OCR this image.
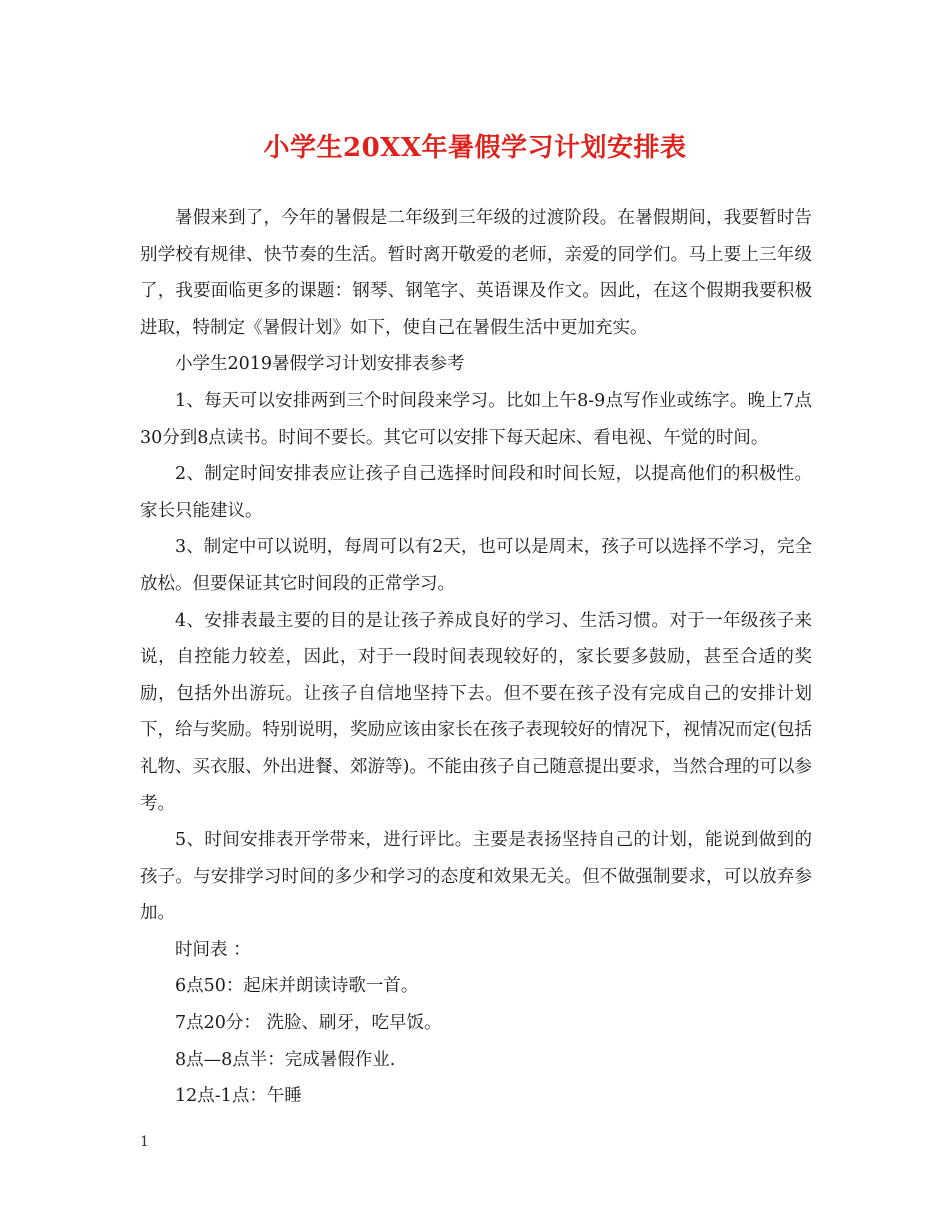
小学生20XX年暑假学习计划安排表

暑假来到了，今年的暑假是二年级到三年级的过渡阶段。在暑假期间，我要暂时告别学校有规律、快节奏的生活。暂时离开敬爱的老师，亲爱的同学们。马上要上三年级了，我要面临更多的课题：钢琴、钢笔字、英语课及作文。因此，在这个假期我要积极进取，特制定《暑假计划》如下，使自己在暑假生活中更加充实。

小学生2019暑假学习计划安排表参考

1、每天可以安排两到三个时间段来学习。比如上午8-9点写作业或练字。晚上7点30分到8点读书。时间不要长。其它可以安排下每天起床、看电视、午觉的时间。

2、制定时间安排表应让孩子自己选择时间段和时间长短，以提高他们的积极性。家长只能建议。

3、制定中可以说明，每周可以有2天，也可以是周末，孩子可以选择不学习，完全放松。但要保证其它时间段的正常学习。

4、安排表最主要的目的是让孩子养成良好的学习、生活习惯。对于一年级孩子来说，自控能力较差，因此，对于一段时间表现较好的，家长要多鼓励，甚至合适的奖励，包括外出游玩。让孩子自信地坚持下去。但不要在孩子没有完成自己的安排计划下，给与奖励。特别说明，奖励应该由家长在孩子表现较好的情况下，视情况而定(包括礼物、买衣服、外出进餐、郊游等)。不能由孩子自己随意提出要求，当然合理的可以参考。

5、时间安排表开学带来，进行评比。主要是表扬坚持自己的计划，能说到做到的孩子。与安排学习时间的多少和学习的态度和效果无关。但不做强制要求，可以放弃参加。

时间表 ：

6点50：起床并朗读诗歌一首。

7点20分： 洗脸、刷牙，吃早饭。

8点—8点半：完成暑假作业.

12点-1点：午睡

1
